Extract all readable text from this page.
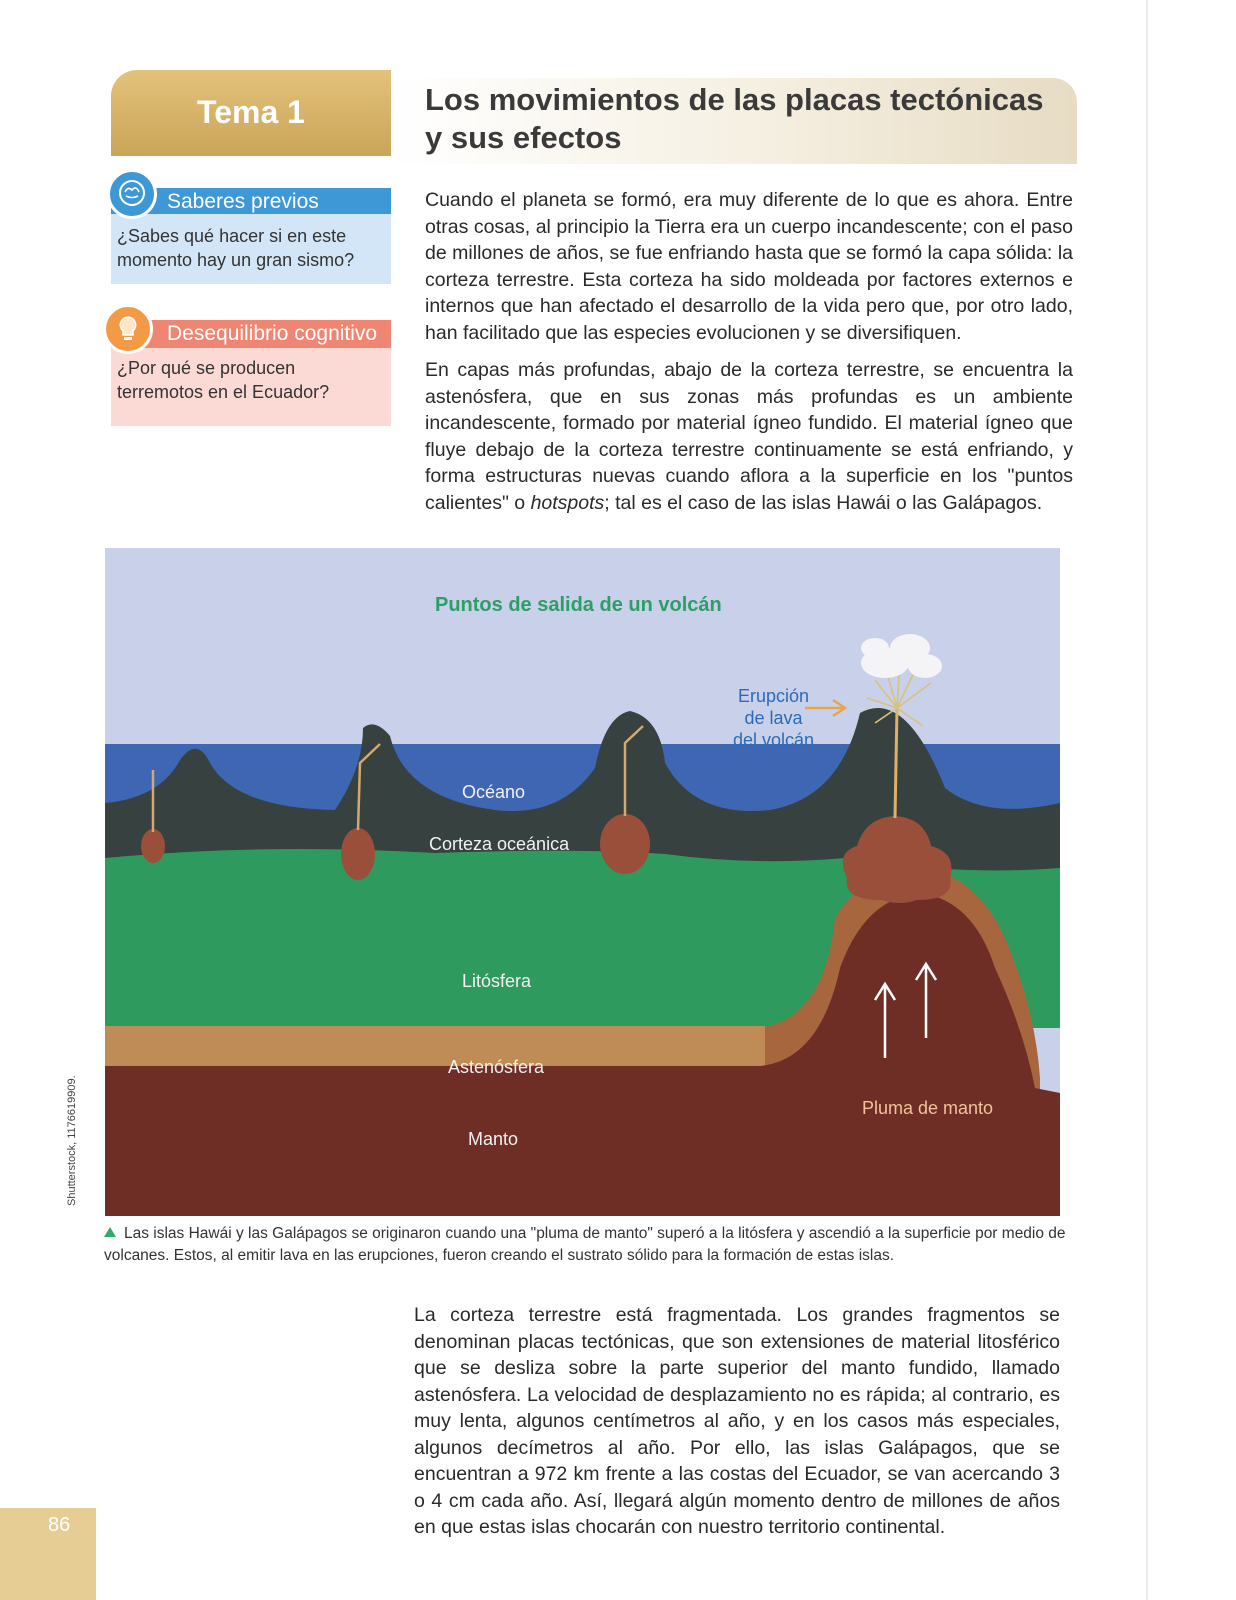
Tema 1	Los movimientos de las placas tectónicas y sus efectos
Saberes previos

¿Sabes qué hacer si en este momento hay un gran sismo?

Desequilibrio cognitivo

¿Por qué se producen terremotos en el Ecuador?

Cuando el planeta se formó, era muy diferente de lo que es ahora. Entre otras cosas, al principio la Tierra era un cuerpo incandescente; con el paso de millones de años, se fue enfriando hasta que se formó la capa sólida: la corteza terrestre. Esta corteza ha sido moldeada por factores externos e internos que han afectado el desarrollo de la vida pero que, por otro lado, han facilitado que las especies evolucionen y se diversifiquen.

En capas más profundas, abajo de la corteza terrestre, se encuentra la astenósfera, que en sus zonas más profundas es un ambiente incandescente, formado por material ígneo fundido. El material ígneo que fluye debajo de la corteza terrestre continuamente se está enfriando, y forma estructuras nuevas cuando aflora a la superficie en los "puntos calientes" o hotspots; tal es el caso de las islas Hawái o las Galápagos.

Puntos de salida de un volcán
Erupción
de lava
del volcán
Océano
Corteza oceánica
Litósfera
Astenósfera
Manto
Pluma de manto
Shutterstock, 1176619909.

Las islas Hawái y las Galápagos se originaron cuando una "pluma de manto" superó a la litósfera y ascendió a la superficie por medio de volcanes. Estos, al emitir lava en las erupciones, fueron creando el sustrato sólido para la formación de estas islas.

La corteza terrestre está fragmentada. Los grandes fragmentos se denominan placas tectónicas, que son extensiones de material litosférico que se desliza sobre la parte superior del manto fundido, llamado astenósfera. La velocidad de desplazamiento no es rápida; al contrario, es muy lenta, algunos centímetros al año, y en los casos más especiales, algunos decímetros al año. Por ello, las islas Galápagos, que se encuentran a 972 km frente a las costas del Ecuador, se van acercando 3 o 4 cm cada año. Así, llegará algún momento dentro de millones de años en que estas islas chocarán con nuestro territorio continental.

86
